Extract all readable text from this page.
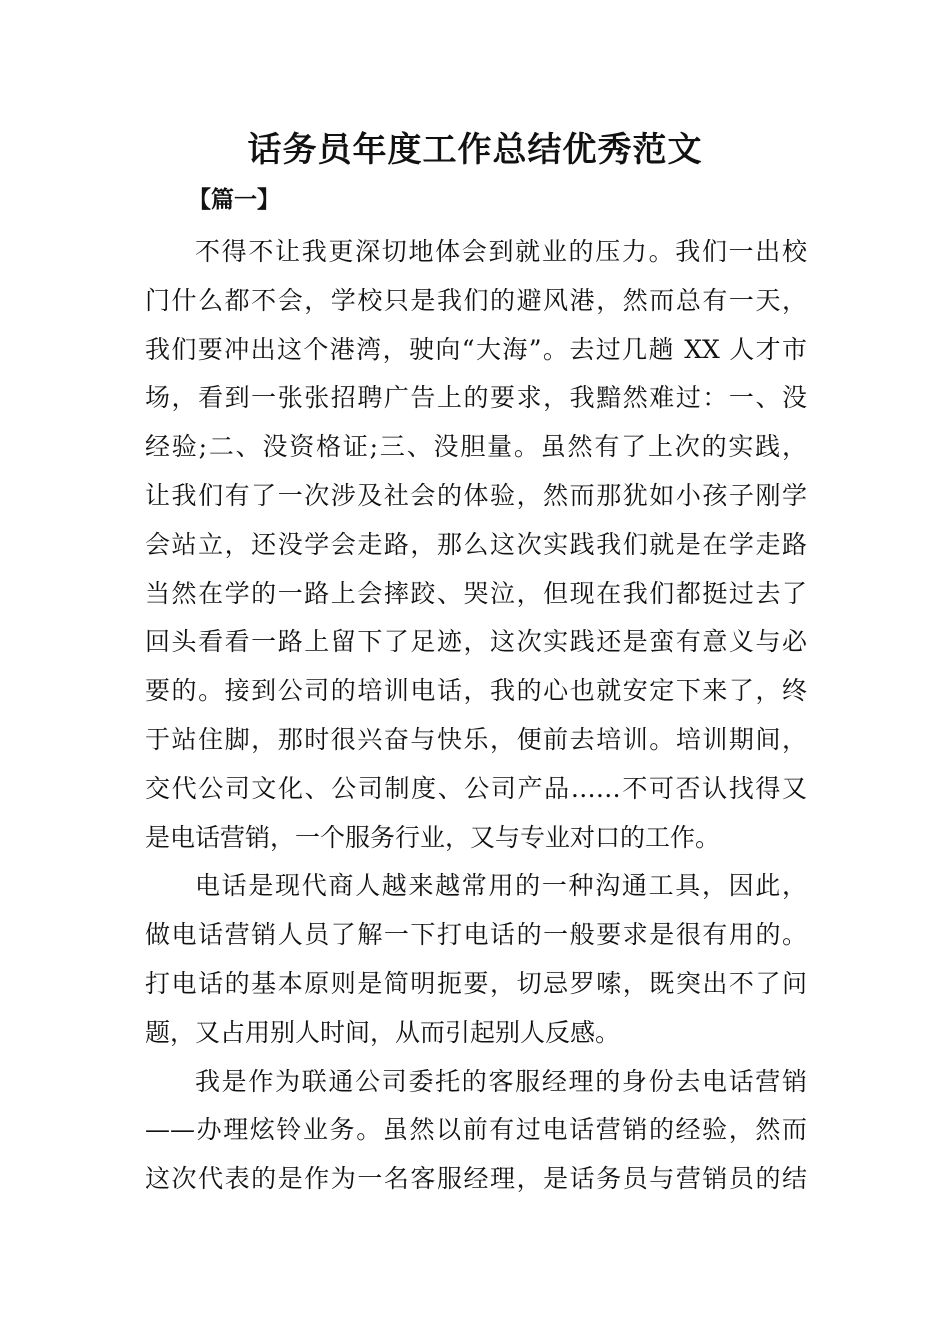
话务员年度工作总结优秀范文
【篇一】

不得不让我更深切地体会到就业的压力。我们一出校
门什么都不会，学校只是我们的避风港，然而总有一天，
我们要冲出这个港湾，驶向“大海”。去过几趟 XX 人才市
场，看到一张张招聘广告上的要求，我黯然难过：一、没
经验;二、没资格证;三、没胆量。虽然有了上次的实践，
让我们有了一次涉及社会的体验，然而那犹如小孩子刚学
会站立，还没学会走路，那么这次实践我们就是在学走路
当然在学的一路上会摔跤、哭泣，但现在我们都挺过去了
回头看看一路上留下了足迹，这次实践还是蛮有意义与必
要的。接到公司的培训电话，我的心也就安定下来了，终
于站住脚，那时很兴奋与快乐，便前去培训。培训期间，
交代公司文化、公司制度、公司产品……不可否认找得又
是电话营销，一个服务行业，又与专业对口的工作。

电话是现代商人越来越常用的一种沟通工具，因此，
做电话营销人员了解一下打电话的一般要求是很有用的。
打电话的基本原则是简明扼要，切忌罗嗦，既突出不了问
题，又占用别人时间，从而引起别人反感。

我是作为联通公司委托的客服经理的身份去电话营销
——办理炫铃业务。虽然以前有过电话营销的经验，然而
这次代表的是作为一名客服经理，是话务员与营销员的结
